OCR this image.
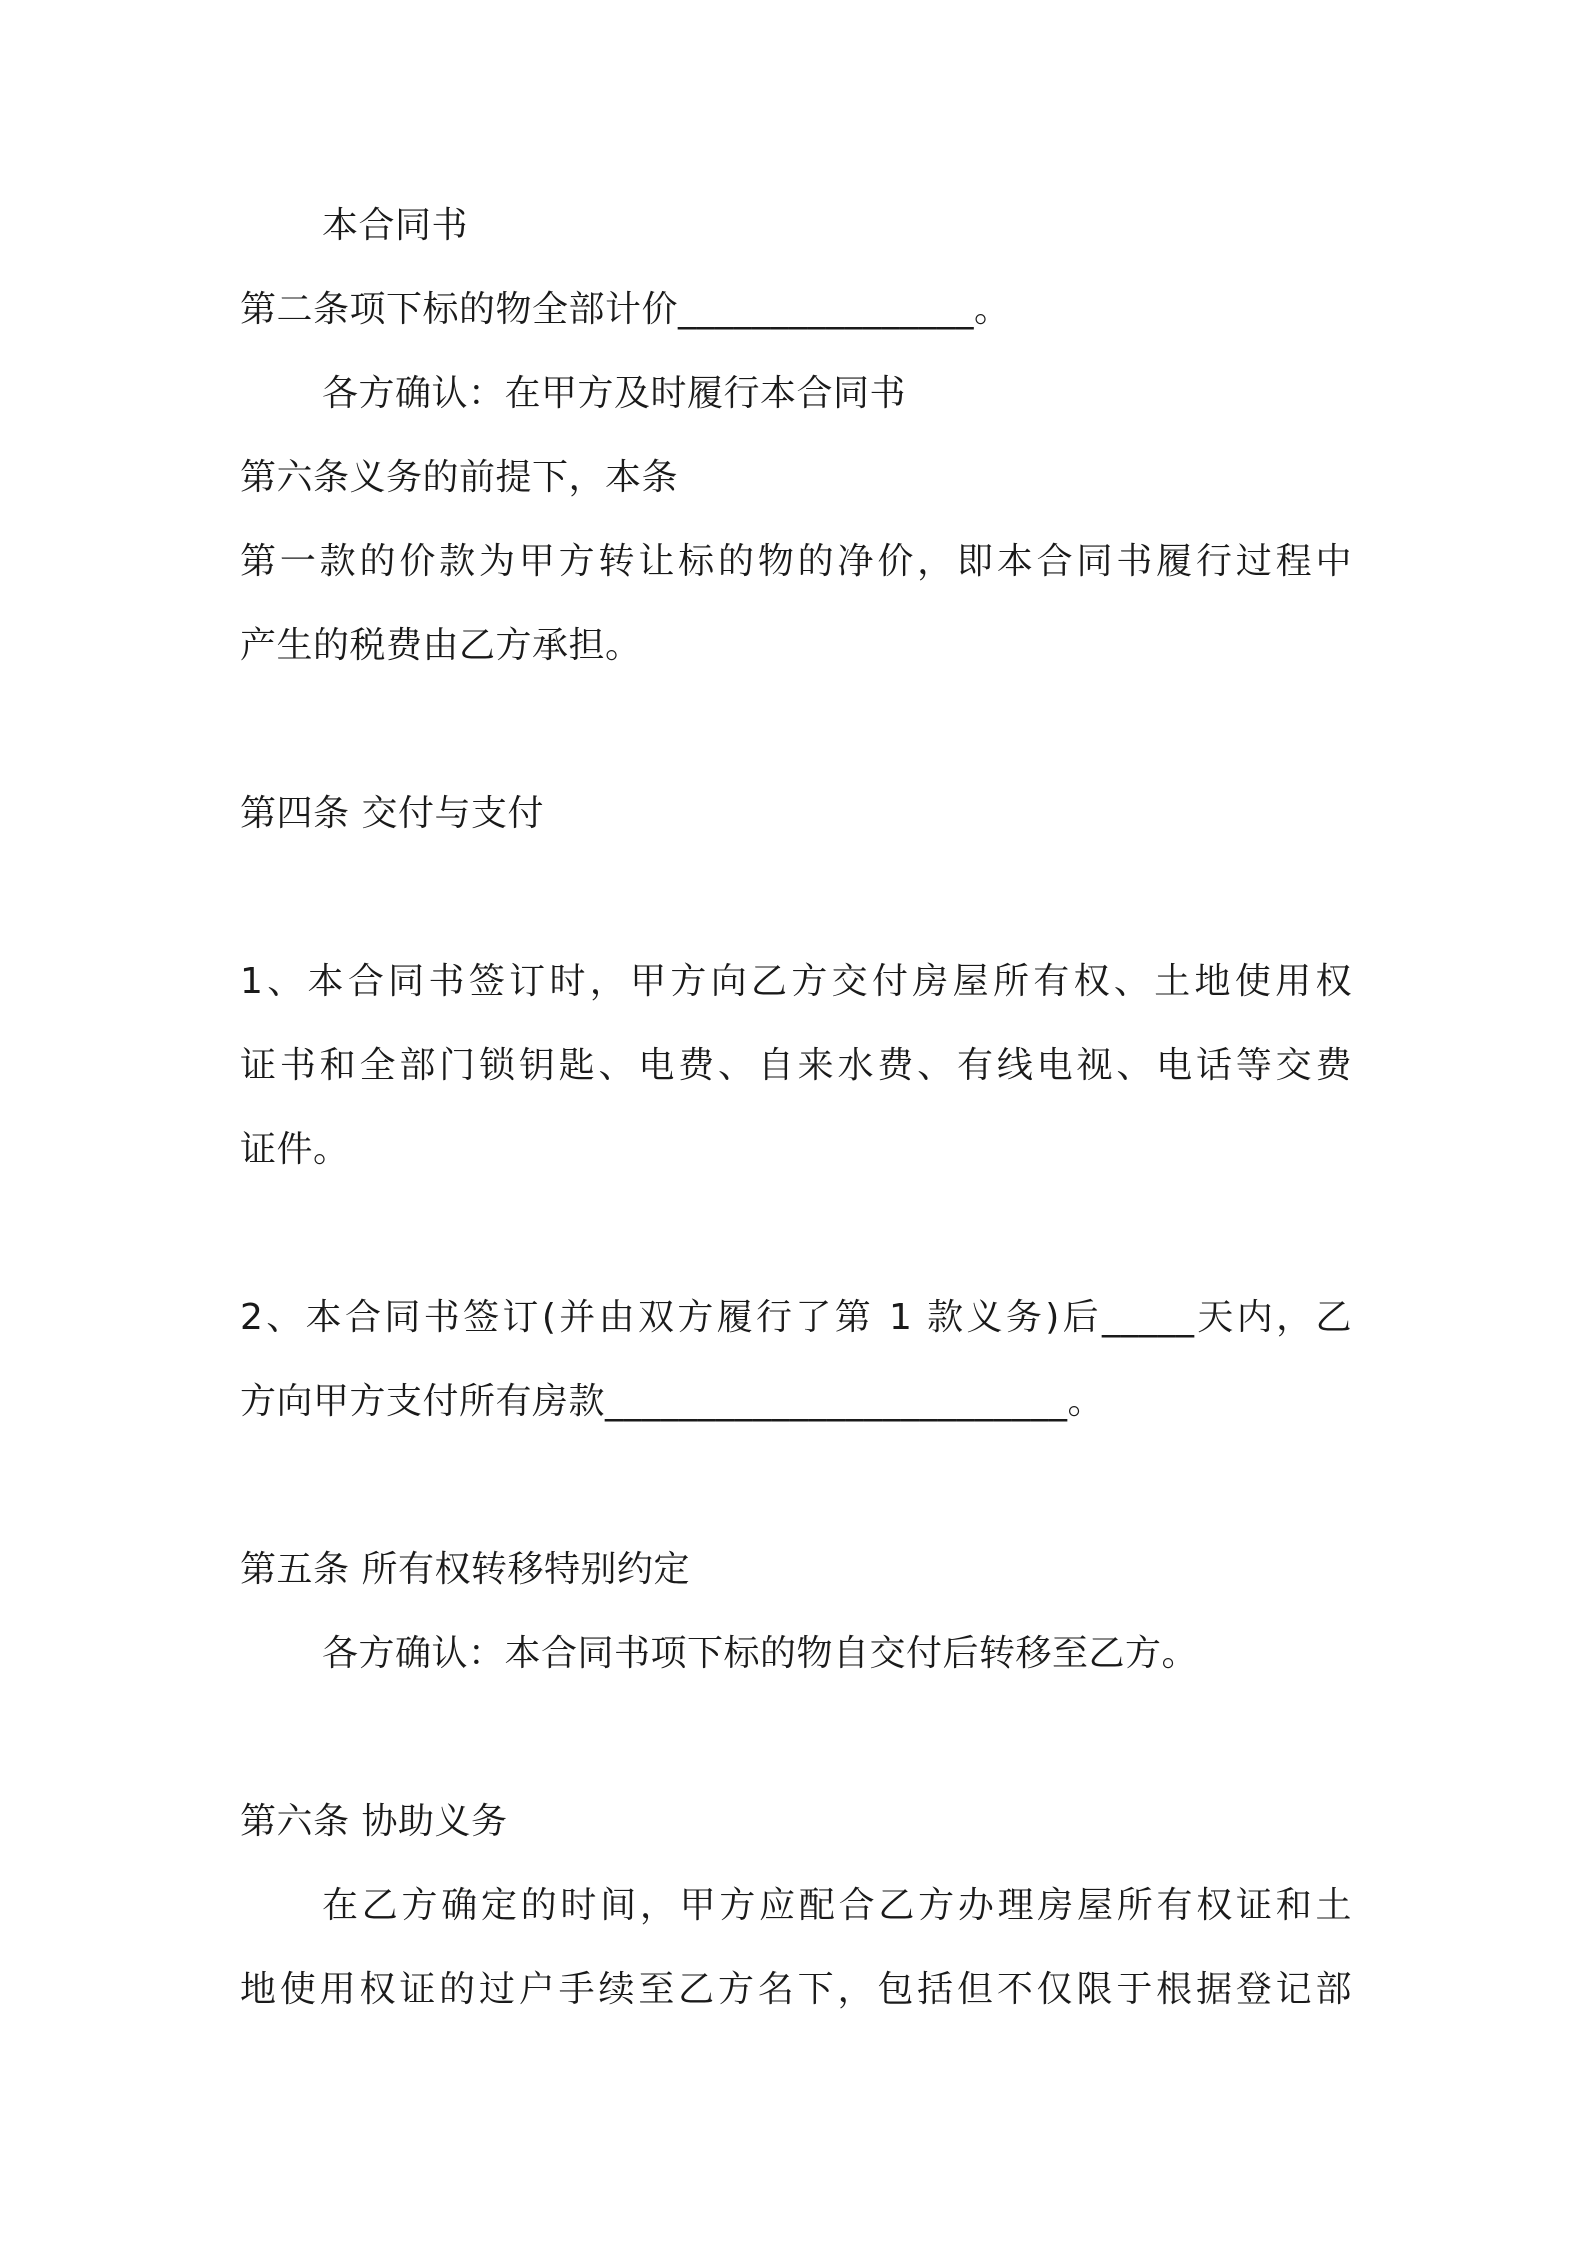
本合同书
第二条项下标的物全部计价________________。
各方确认：在甲方及时履行本合同书
第六条义务的前提下，本条
第一款的价款为甲方转让标的物的净价，即本合同书履行过程中
产生的税费由乙方承担。
第四条 交付与支付
1、本合同书签订时，甲方向乙方交付房屋所有权、土地使用权
证书和全部门锁钥匙、电费、自来水费、有线电视、电话等交费
证件。
2、本合同书签订(并由双方履行了第 1 款义务)后_____天内，乙
方向甲方支付所有房款_________________________。
第五条 所有权转移特别约定
各方确认：本合同书项下标的物自交付后转移至乙方。
第六条 协助义务
在乙方确定的时间，甲方应配合乙方办理房屋所有权证和土
地使用权证的过户手续至乙方名下，包括但不仅限于根据登记部
